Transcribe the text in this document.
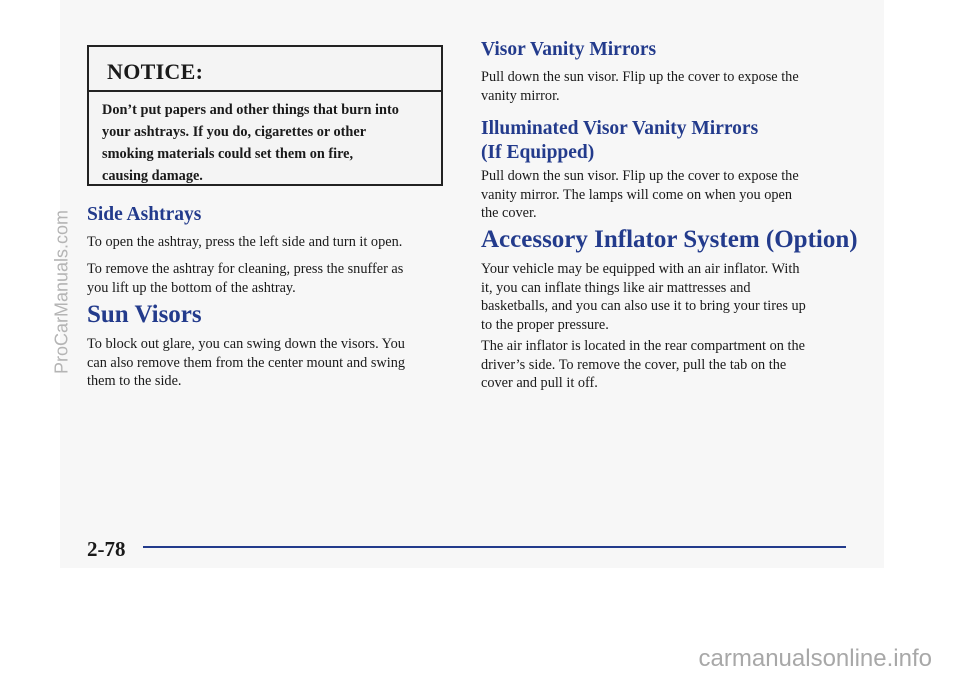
NOTICE:
Don’t put papers and other things that burn into
your ashtrays. If you do, cigarettes or other
smoking materials could set them on fire,
causing damage.
Side Ashtrays

To open the ashtray, press the left side and turn it open.

To remove the ashtray for cleaning, press the snuffer as
you lift up the bottom of the ashtray.

Sun Visors

To block out glare, you can swing down the visors. You
can also remove them from the center mount and swing
them to the side.

Visor Vanity Mirrors

Pull down the sun visor. Flip up the cover to expose the
vanity mirror.

Illuminated Visor Vanity Mirrors
(If Equipped)

Pull down the sun visor. Flip up the cover to expose the
vanity mirror. The lamps will come on when you open
the cover.

Accessory Inflator System (Option)

Your vehicle may be equipped with an air inflator. With
it, you can inflate things like air mattresses and
basketballs, and you can also use it to bring your tires up
to the proper pressure.

The air inflator is located in the rear compartment on the
driver’s side. To remove the cover, pull the tab on the
cover and pull it off.

2-78
ProCarManuals.com
carmanualsonline.info
